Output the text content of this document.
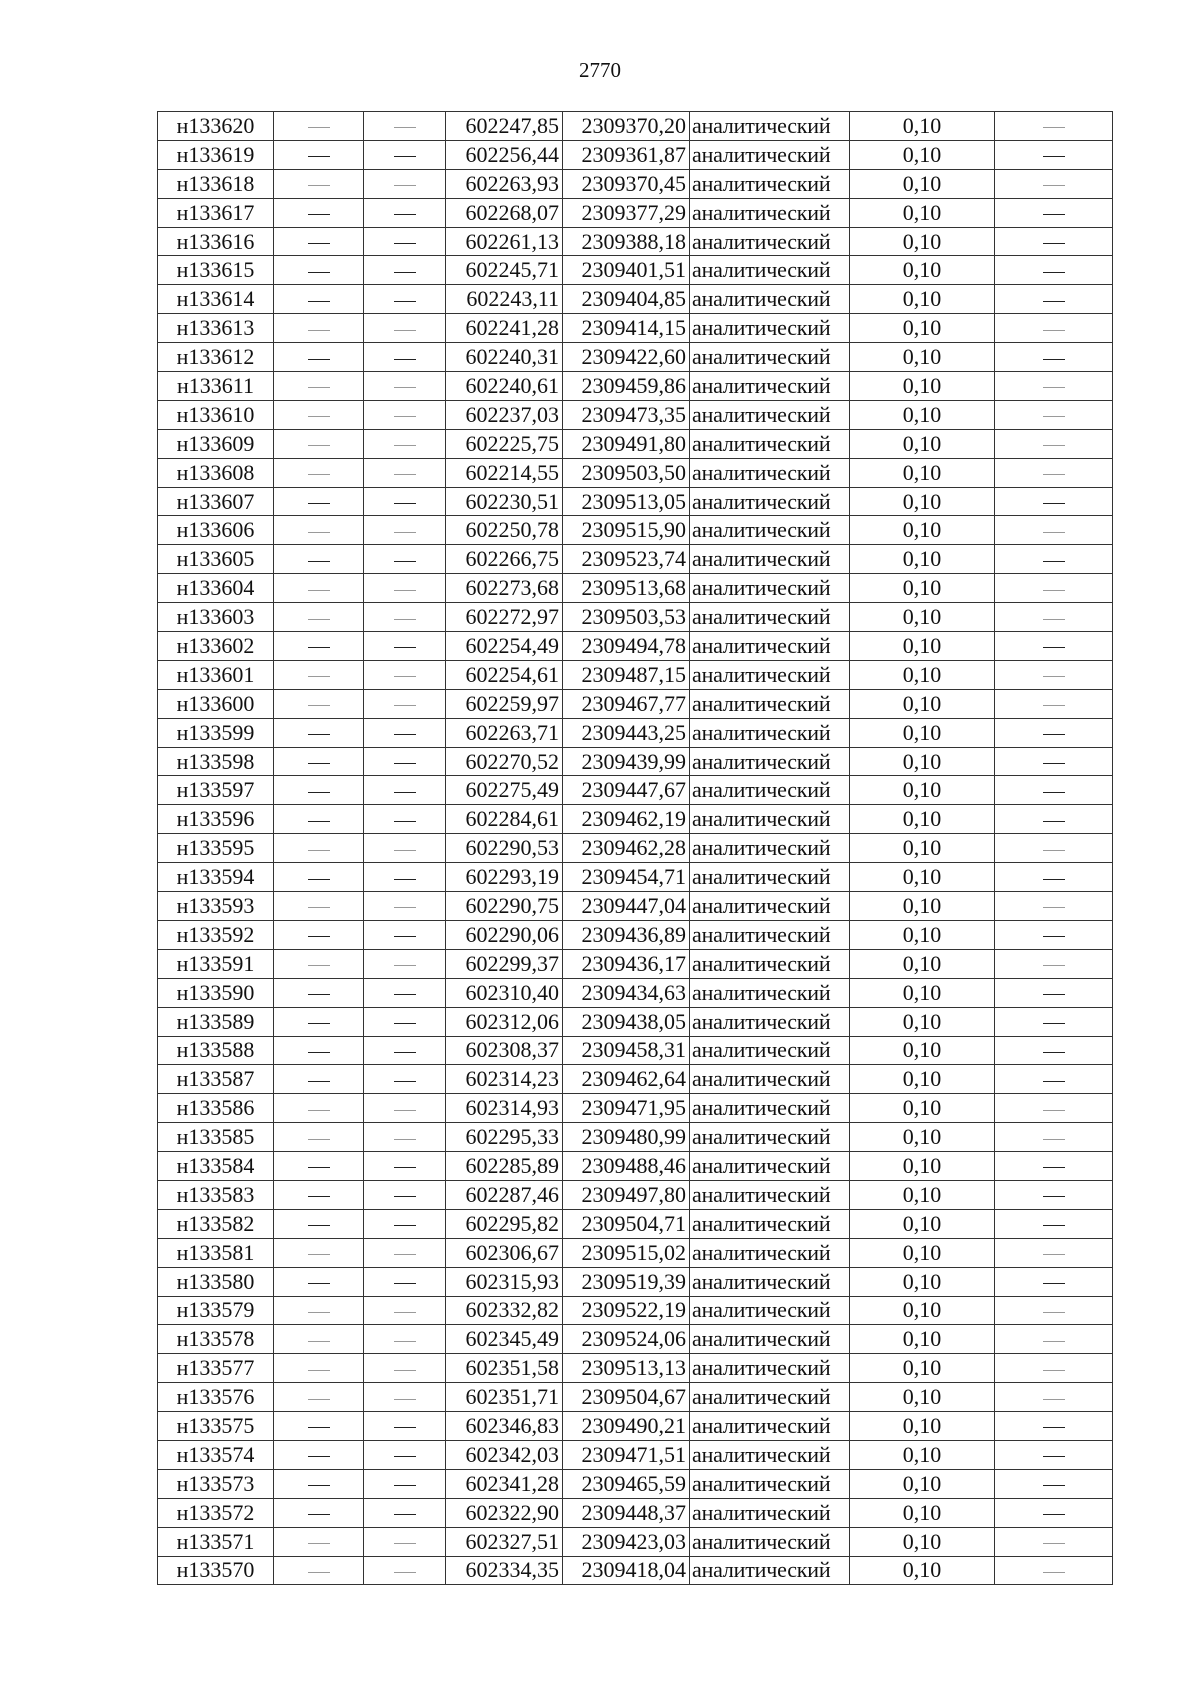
2770
н133620			602247,85	2309370,20	аналитический	0,10	
н133619			602256,44	2309361,87	аналитический	0,10	
н133618			602263,93	2309370,45	аналитический	0,10	
н133617			602268,07	2309377,29	аналитический	0,10	
н133616			602261,13	2309388,18	аналитический	0,10	
н133615			602245,71	2309401,51	аналитический	0,10	
н133614			602243,11	2309404,85	аналитический	0,10	
н133613			602241,28	2309414,15	аналитический	0,10	
н133612			602240,31	2309422,60	аналитический	0,10	
н133611			602240,61	2309459,86	аналитический	0,10	
н133610			602237,03	2309473,35	аналитический	0,10	
н133609			602225,75	2309491,80	аналитический	0,10	
н133608			602214,55	2309503,50	аналитический	0,10	
н133607			602230,51	2309513,05	аналитический	0,10	
н133606			602250,78	2309515,90	аналитический	0,10	
н133605			602266,75	2309523,74	аналитический	0,10	
н133604			602273,68	2309513,68	аналитический	0,10	
н133603			602272,97	2309503,53	аналитический	0,10	
н133602			602254,49	2309494,78	аналитический	0,10	
н133601			602254,61	2309487,15	аналитический	0,10	
н133600			602259,97	2309467,77	аналитический	0,10	
н133599			602263,71	2309443,25	аналитический	0,10	
н133598			602270,52	2309439,99	аналитический	0,10	
н133597			602275,49	2309447,67	аналитический	0,10	
н133596			602284,61	2309462,19	аналитический	0,10	
н133595			602290,53	2309462,28	аналитический	0,10	
н133594			602293,19	2309454,71	аналитический	0,10	
н133593			602290,75	2309447,04	аналитический	0,10	
н133592			602290,06	2309436,89	аналитический	0,10	
н133591			602299,37	2309436,17	аналитический	0,10	
н133590			602310,40	2309434,63	аналитический	0,10	
н133589			602312,06	2309438,05	аналитический	0,10	
н133588			602308,37	2309458,31	аналитический	0,10	
н133587			602314,23	2309462,64	аналитический	0,10	
н133586			602314,93	2309471,95	аналитический	0,10	
н133585			602295,33	2309480,99	аналитический	0,10	
н133584			602285,89	2309488,46	аналитический	0,10	
н133583			602287,46	2309497,80	аналитический	0,10	
н133582			602295,82	2309504,71	аналитический	0,10	
н133581			602306,67	2309515,02	аналитический	0,10	
н133580			602315,93	2309519,39	аналитический	0,10	
н133579			602332,82	2309522,19	аналитический	0,10	
н133578			602345,49	2309524,06	аналитический	0,10	
н133577			602351,58	2309513,13	аналитический	0,10	
н133576			602351,71	2309504,67	аналитический	0,10	
н133575			602346,83	2309490,21	аналитический	0,10	
н133574			602342,03	2309471,51	аналитический	0,10	
н133573			602341,28	2309465,59	аналитический	0,10	
н133572			602322,90	2309448,37	аналитический	0,10	
н133571			602327,51	2309423,03	аналитический	0,10	
н133570			602334,35	2309418,04	аналитический	0,10	
